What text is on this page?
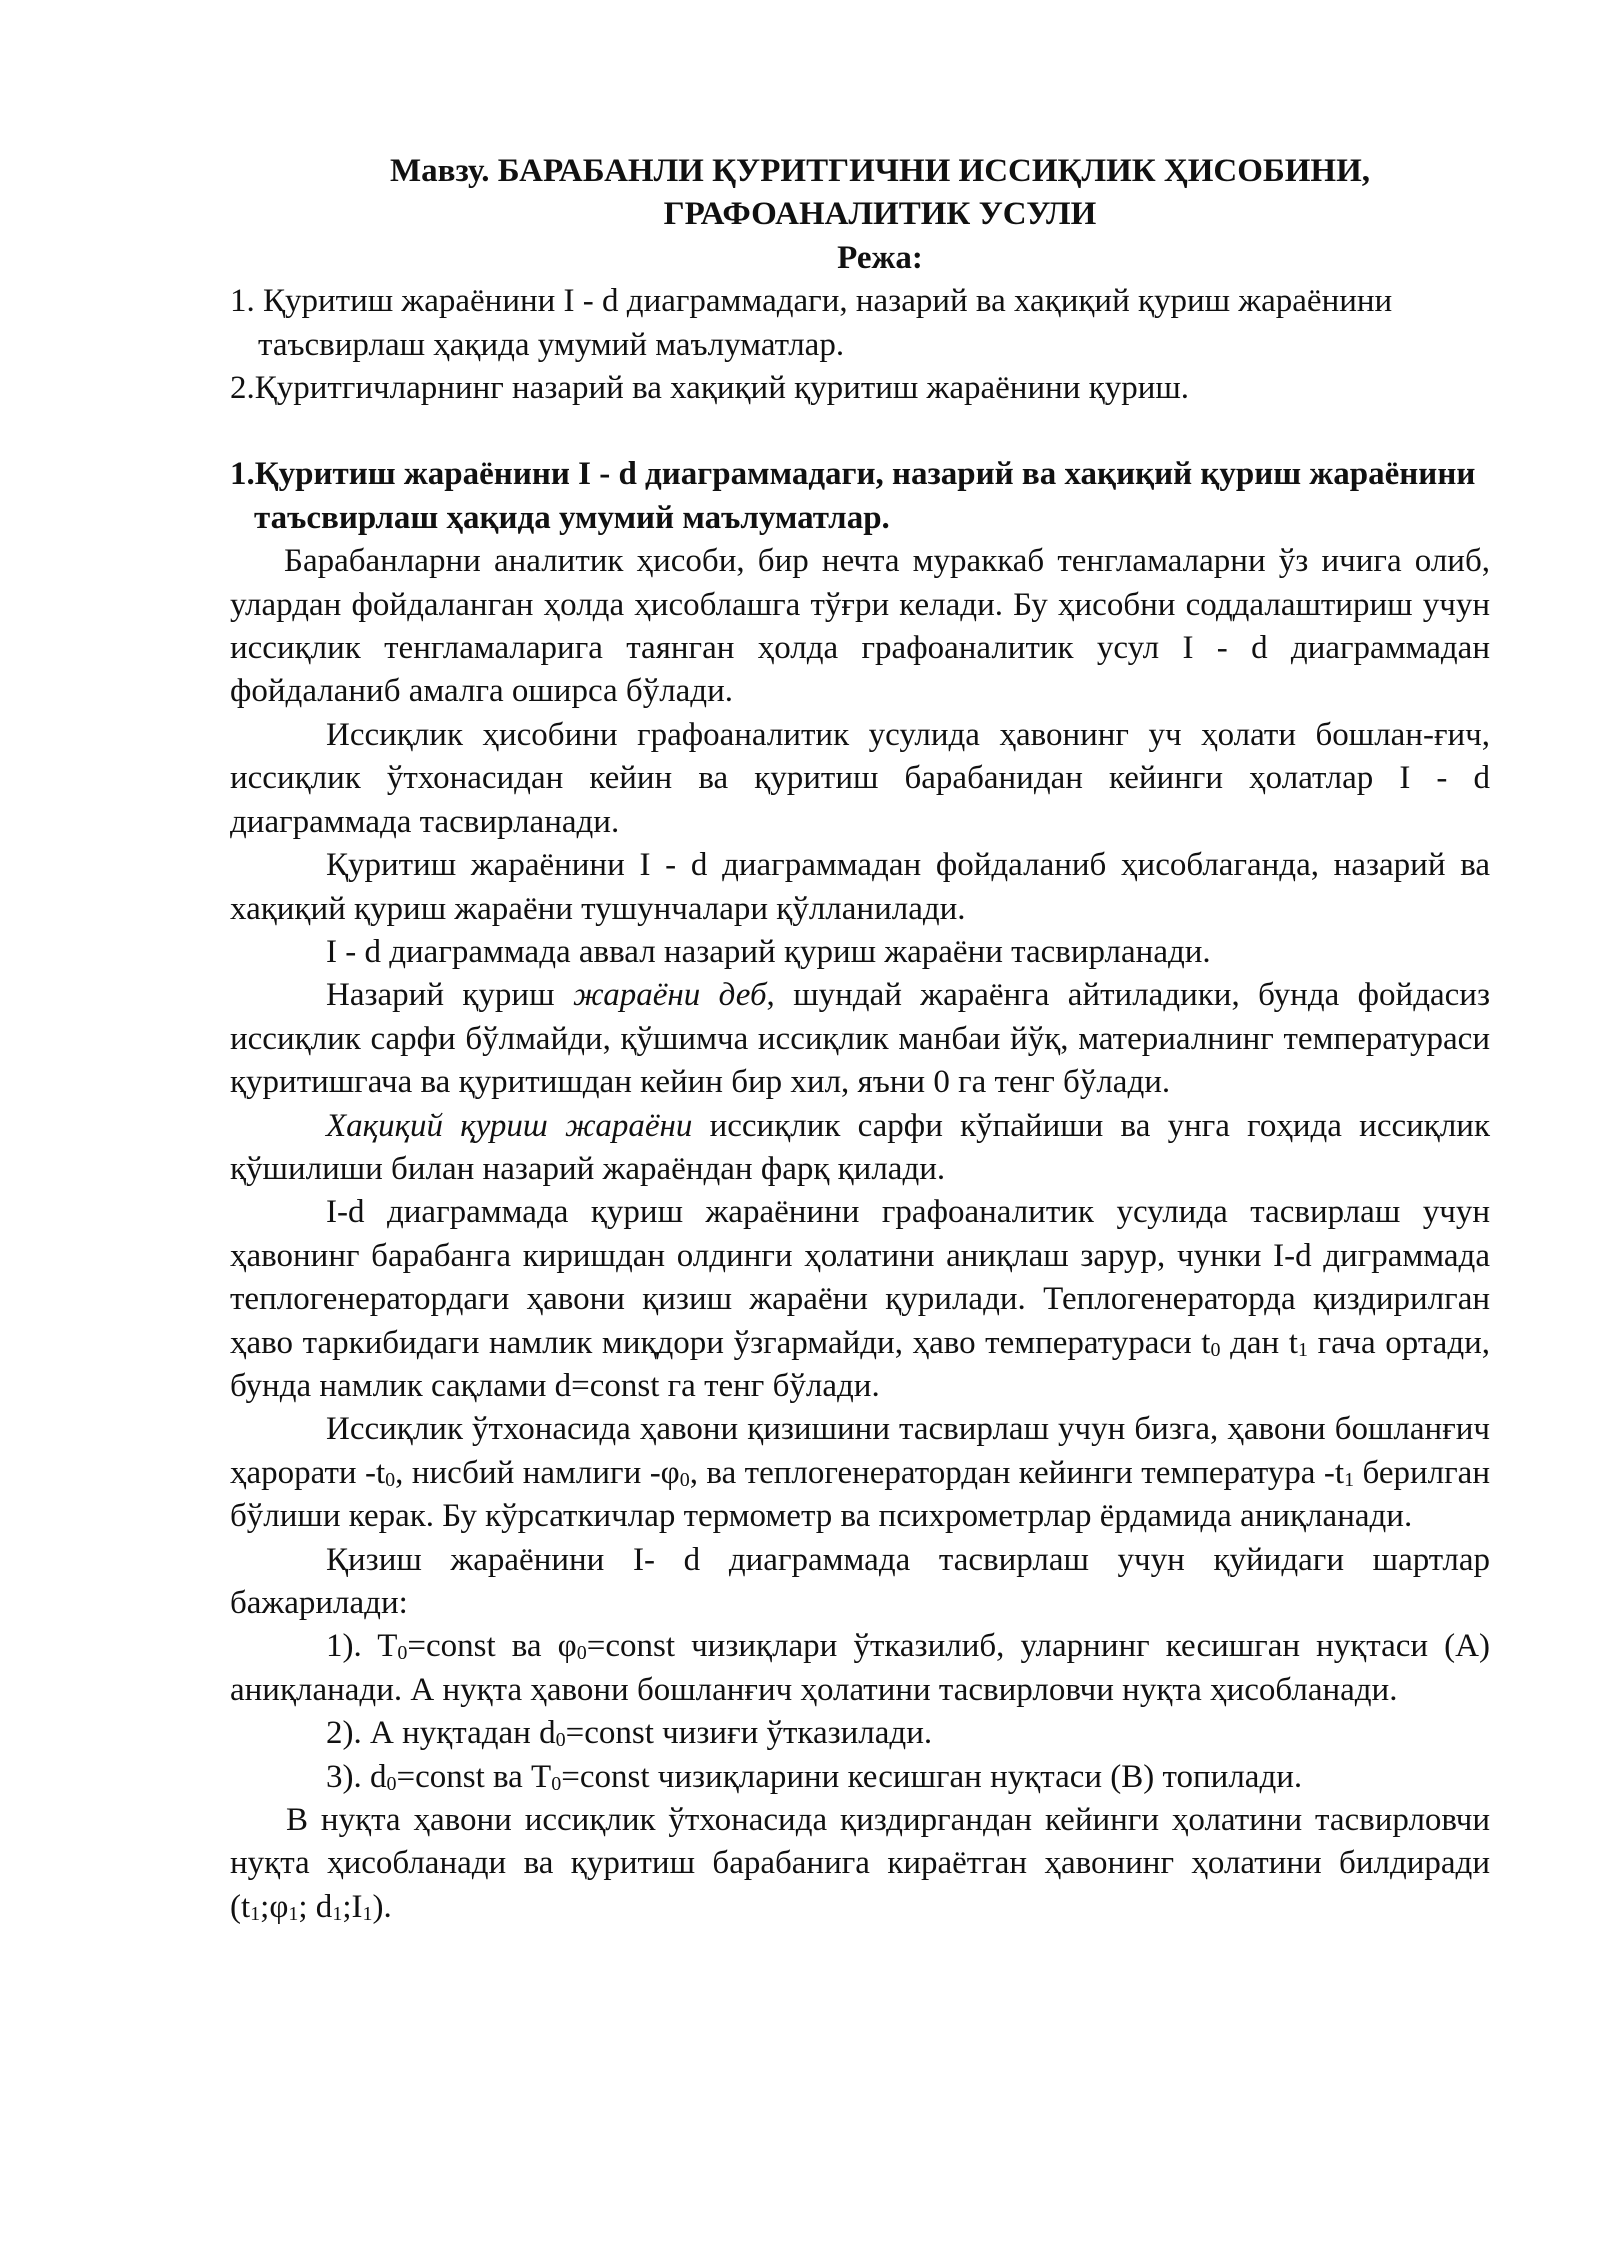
Мавзу. БАРАБАНЛИ ҚУРИТГИЧНИ ИССИҚЛИК ҲИСОБИНИ,
ГРАФОАНАЛИТИК УСУЛИ
Режа:
1. Қуритиш жараёнини I - d диаграммадаги, назарий ва хақиқий қуриш жараёнини таъсвирлаш ҳақида умумий маълуматлар.
2.Қуритгичларнинг назарий ва хақиқий қуритиш жараёнини қуриш.
1.Қуритиш жараёнини I - d диаграммадаги, назарий ва хақиқий қуриш жараёнини таъсвирлаш ҳақида умумий маълуматлар.

Барабанларни аналитик ҳисоби, бир нечта мураккаб тенгламаларни ўз ичига олиб, улардан фойдаланган ҳолда ҳисоблашга тўғри келади. Бу ҳисобни соддалаштириш учун иссиқлик тенгламаларига таянган ҳолда графоаналитик усул I - d диаграммадан фойдаланиб амалга оширса бўлади.

Иссиқлик ҳисобини графоаналитик усулида ҳавонинг уч ҳолати бошлан-ғич, иссиқлик ўтхонасидан кейин ва қуритиш барабанидан кейинги ҳолатлар I - d диаграммада тасвирланади.

Қуритиш жараёнини I - d диаграммадан фойдаланиб ҳисоблаганда, назарий ва хақиқий қуриш жараёни тушунчалари қўлланилади.

I - d диаграммада аввал назарий қуриш жараёни тасвирланади.

Назарий қуриш жараёни деб, шундай жараёнга айтиладики, бунда фойдасиз иссиқлик сарфи бўлмайди, қўшимча иссиқлик манбаи йўқ, материалнинг температураси қуритишгача ва қуритишдан кейин бир хил, яъни 0 га тенг бўлади.

Хақиқий қуриш жараёни иссиқлик сарфи кўпайиши ва унга гоҳида иссиқлик қўшилиши билан назарий жараёндан фарқ қилади.

I-d диаграммада қуриш жараёнини графоаналитик усулида тасвирлаш учун ҳавонинг барабанга киришдан олдинги ҳолатини аниқлаш зарур, чунки I-d диграммада теплогенератордаги ҳавони қизиш жараёни қурилади. Теплогенераторда қиздирилган ҳаво таркибидаги намлик миқдори ўзгармайди, ҳаво температураси $t_0$ дан $t_1$ гача ортади, бунда намлик сақлами d=const га тенг бўлади.

Иссиқлик ўтхонасида ҳавони қизишини тасвирлаш учун бизга, ҳавони бошланғич ҳарорати $-t_0$, нисбий намлиги $-\varphi_0$, ва теплогенератордан кейинги температура $-t_1$ берилган бўлиши керак. Бу кўрсаткичлар термометр ва психрометрлар ёрдамида аниқланади.

Қизиш жараёнини I- d диаграммада тасвирлаш учун қуйидаги шартлар бажарилади:

1). $T_0=const$ ва $\varphi_0=const$ чизиқлари ўтказилиб, уларнинг кесишган нуқтаси (А) аниқланади. А нуқта ҳавони бошланғич ҳолатини тасвирловчи нуқта ҳисобланади.

2). А нуқтадан $d_0=const$ чизиғи ўтказилади.

3). $d_0=const$ ва $T_0=const$ чизиқларини кесишган нуқтаси (В) топилади.

В нуқта ҳавони иссиқлик ўтхонасида қиздиргандан кейинги ҳолатини тасвирловчи нуқта ҳисобланади ва қуритиш барабанига кираётган ҳавонинг ҳолатини билдиради ($t_1;\varphi_1$; $d_1;I_1$).
